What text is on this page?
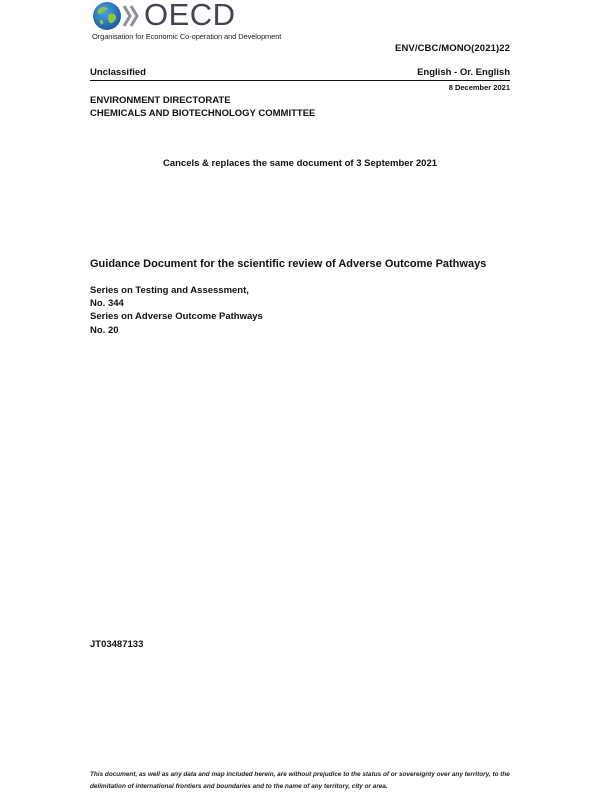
OECD
Organisation for Economic Co-operation and Development
ENV/CBC/MONO(2021)22
Unclassified	English - Or. English
8 December 2021
ENVIRONMENT DIRECTORATE
CHEMICALS AND BIOTECHNOLOGY COMMITTEE
Cancels & replaces the same document of 3 September 2021
Guidance Document for the scientific review of Adverse Outcome Pathways
Series on Testing and Assessment,
No. 344
Series on Adverse Outcome Pathways
No. 20
JT03487133
This document, as well as any data and map included herein, are without prejudice to the status of or sovereignty over any territory, to the
delimitation of international frontiers and boundaries and to the name of any territory, city or area.
